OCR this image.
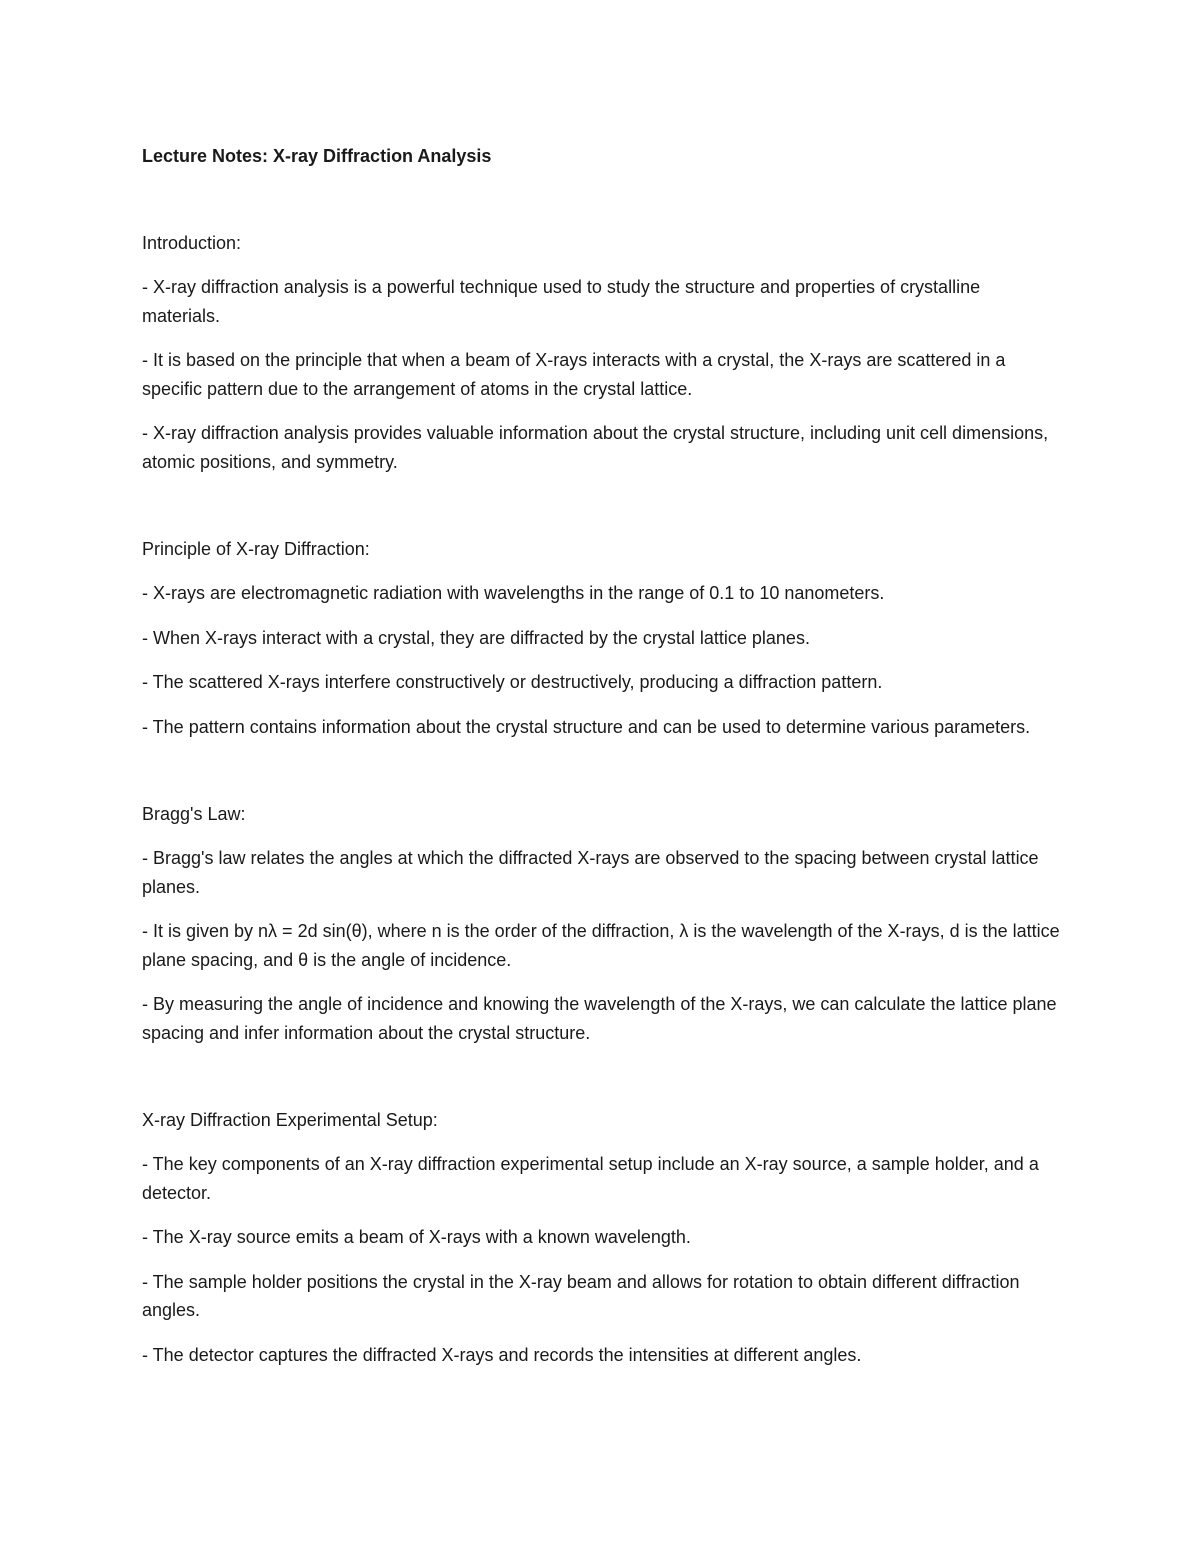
Lecture Notes: X-ray Diffraction Analysis
Introduction:

- X-ray diffraction analysis is a powerful technique used to study the structure and properties of crystalline materials.

- It is based on the principle that when a beam of X-rays interacts with a crystal, the X-rays are scattered in a specific pattern due to the arrangement of atoms in the crystal lattice.

- X-ray diffraction analysis provides valuable information about the crystal structure, including unit cell dimensions, atomic positions, and symmetry.

Principle of X-ray Diffraction:

- X-rays are electromagnetic radiation with wavelengths in the range of 0.1 to 10 nanometers.

- When X-rays interact with a crystal, they are diffracted by the crystal lattice planes.

- The scattered X-rays interfere constructively or destructively, producing a diffraction pattern.

- The pattern contains information about the crystal structure and can be used to determine various parameters.

Bragg's Law:

- Bragg's law relates the angles at which the diffracted X-rays are observed to the spacing between crystal lattice planes.

- It is given by nλ = 2d sin(θ), where n is the order of the diffraction, λ is the wavelength of the X-rays, d is the lattice plane spacing, and θ is the angle of incidence.

- By measuring the angle of incidence and knowing the wavelength of the X-rays, we can calculate the lattice plane spacing and infer information about the crystal structure.

X-ray Diffraction Experimental Setup:

- The key components of an X-ray diffraction experimental setup include an X-ray source, a sample holder, and a detector.

- The X-ray source emits a beam of X-rays with a known wavelength.

- The sample holder positions the crystal in the X-ray beam and allows for rotation to obtain different diffraction angles.

- The detector captures the diffracted X-rays and records the intensities at different angles.
